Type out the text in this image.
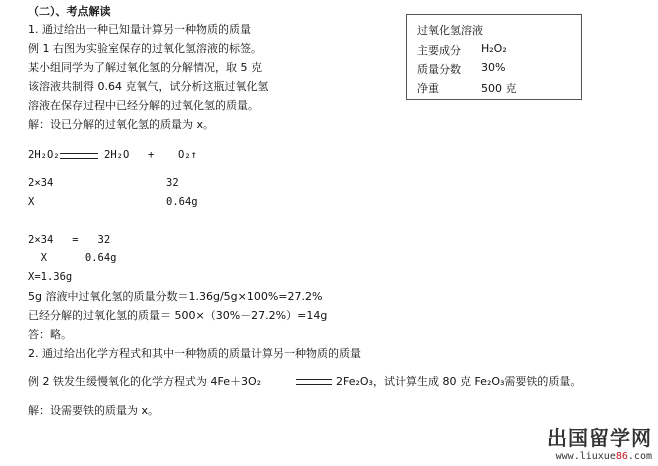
（二）、考点解读
1. 通过给出一种已知量计算另一种物质的质量
例 1 右图为实验室保存的过氧化氢溶液的标签。
某小组同学为了解过氧化氢的分解情况，取 5 克
该溶液共制得 0.64 克氧气，试分析这瓶过氧化氢
溶液在保存过程中已经分解的过氧化氢的质量。
解：设已分解的过氧化氢的质量为 x。
过氧化氢溶液
主要成分 H₂O₂
质量分数 30%
净重	500 克
2H₂O₂	2H₂O + O₂↑
2×34	32
X	0.64g
2×34   =   32
X      0.64g
X=1.36g
5g 溶液中过氧化氢的质量分数＝1.36g/5g×100%=27.2%
已经分解的过氧化氢的质量＝ 500×（30%－27.2%）=14g
答：略。
2. 通过给出化学方程式和其中一种物质的质量计算另一种物质的质量
例 2 铁发生缓慢氧化的化学方程式为 4Fe＋3O₂	2Fe₂O₃，试计算生成 80 克 Fe₂O₃需要铁的质量。
解：设需要铁的质量为 x。
出国留学网
www.liuxue86.com
